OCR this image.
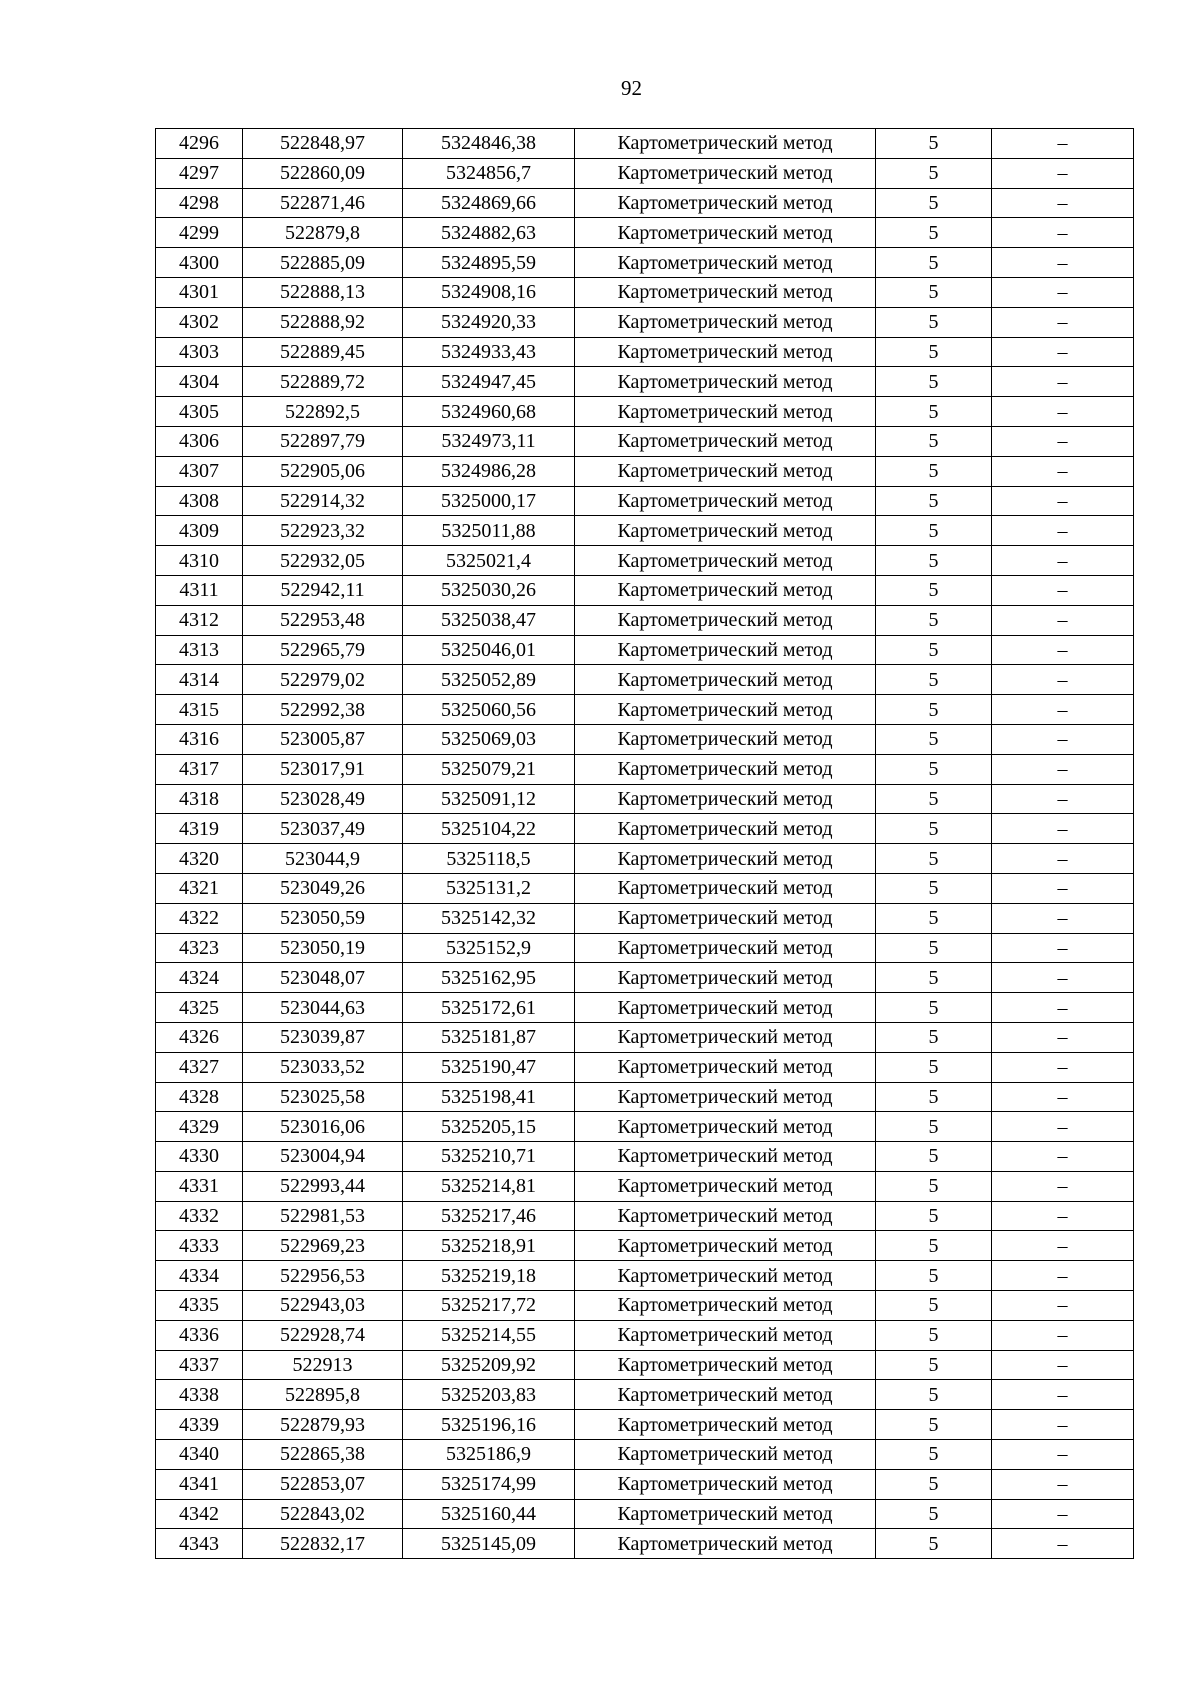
92
4296	522848,97	5324846,38	Картометрический метод	5	–
4297	522860,09	5324856,7	Картометрический метод	5	–
4298	522871,46	5324869,66	Картометрический метод	5	–
4299	522879,8	5324882,63	Картометрический метод	5	–
4300	522885,09	5324895,59	Картометрический метод	5	–
4301	522888,13	5324908,16	Картометрический метод	5	–
4302	522888,92	5324920,33	Картометрический метод	5	–
4303	522889,45	5324933,43	Картометрический метод	5	–
4304	522889,72	5324947,45	Картометрический метод	5	–
4305	522892,5	5324960,68	Картометрический метод	5	–
4306	522897,79	5324973,11	Картометрический метод	5	–
4307	522905,06	5324986,28	Картометрический метод	5	–
4308	522914,32	5325000,17	Картометрический метод	5	–
4309	522923,32	5325011,88	Картометрический метод	5	–
4310	522932,05	5325021,4	Картометрический метод	5	–
4311	522942,11	5325030,26	Картометрический метод	5	–
4312	522953,48	5325038,47	Картометрический метод	5	–
4313	522965,79	5325046,01	Картометрический метод	5	–
4314	522979,02	5325052,89	Картометрический метод	5	–
4315	522992,38	5325060,56	Картометрический метод	5	–
4316	523005,87	5325069,03	Картометрический метод	5	–
4317	523017,91	5325079,21	Картометрический метод	5	–
4318	523028,49	5325091,12	Картометрический метод	5	–
4319	523037,49	5325104,22	Картометрический метод	5	–
4320	523044,9	5325118,5	Картометрический метод	5	–
4321	523049,26	5325131,2	Картометрический метод	5	–
4322	523050,59	5325142,32	Картометрический метод	5	–
4323	523050,19	5325152,9	Картометрический метод	5	–
4324	523048,07	5325162,95	Картометрический метод	5	–
4325	523044,63	5325172,61	Картометрический метод	5	–
4326	523039,87	5325181,87	Картометрический метод	5	–
4327	523033,52	5325190,47	Картометрический метод	5	–
4328	523025,58	5325198,41	Картометрический метод	5	–
4329	523016,06	5325205,15	Картометрический метод	5	–
4330	523004,94	5325210,71	Картометрический метод	5	–
4331	522993,44	5325214,81	Картометрический метод	5	–
4332	522981,53	5325217,46	Картометрический метод	5	–
4333	522969,23	5325218,91	Картометрический метод	5	–
4334	522956,53	5325219,18	Картометрический метод	5	–
4335	522943,03	5325217,72	Картометрический метод	5	–
4336	522928,74	5325214,55	Картометрический метод	5	–
4337	522913	5325209,92	Картометрический метод	5	–
4338	522895,8	5325203,83	Картометрический метод	5	–
4339	522879,93	5325196,16	Картометрический метод	5	–
4340	522865,38	5325186,9	Картометрический метод	5	–
4341	522853,07	5325174,99	Картометрический метод	5	–
4342	522843,02	5325160,44	Картометрический метод	5	–
4343	522832,17	5325145,09	Картометрический метод	5	–
